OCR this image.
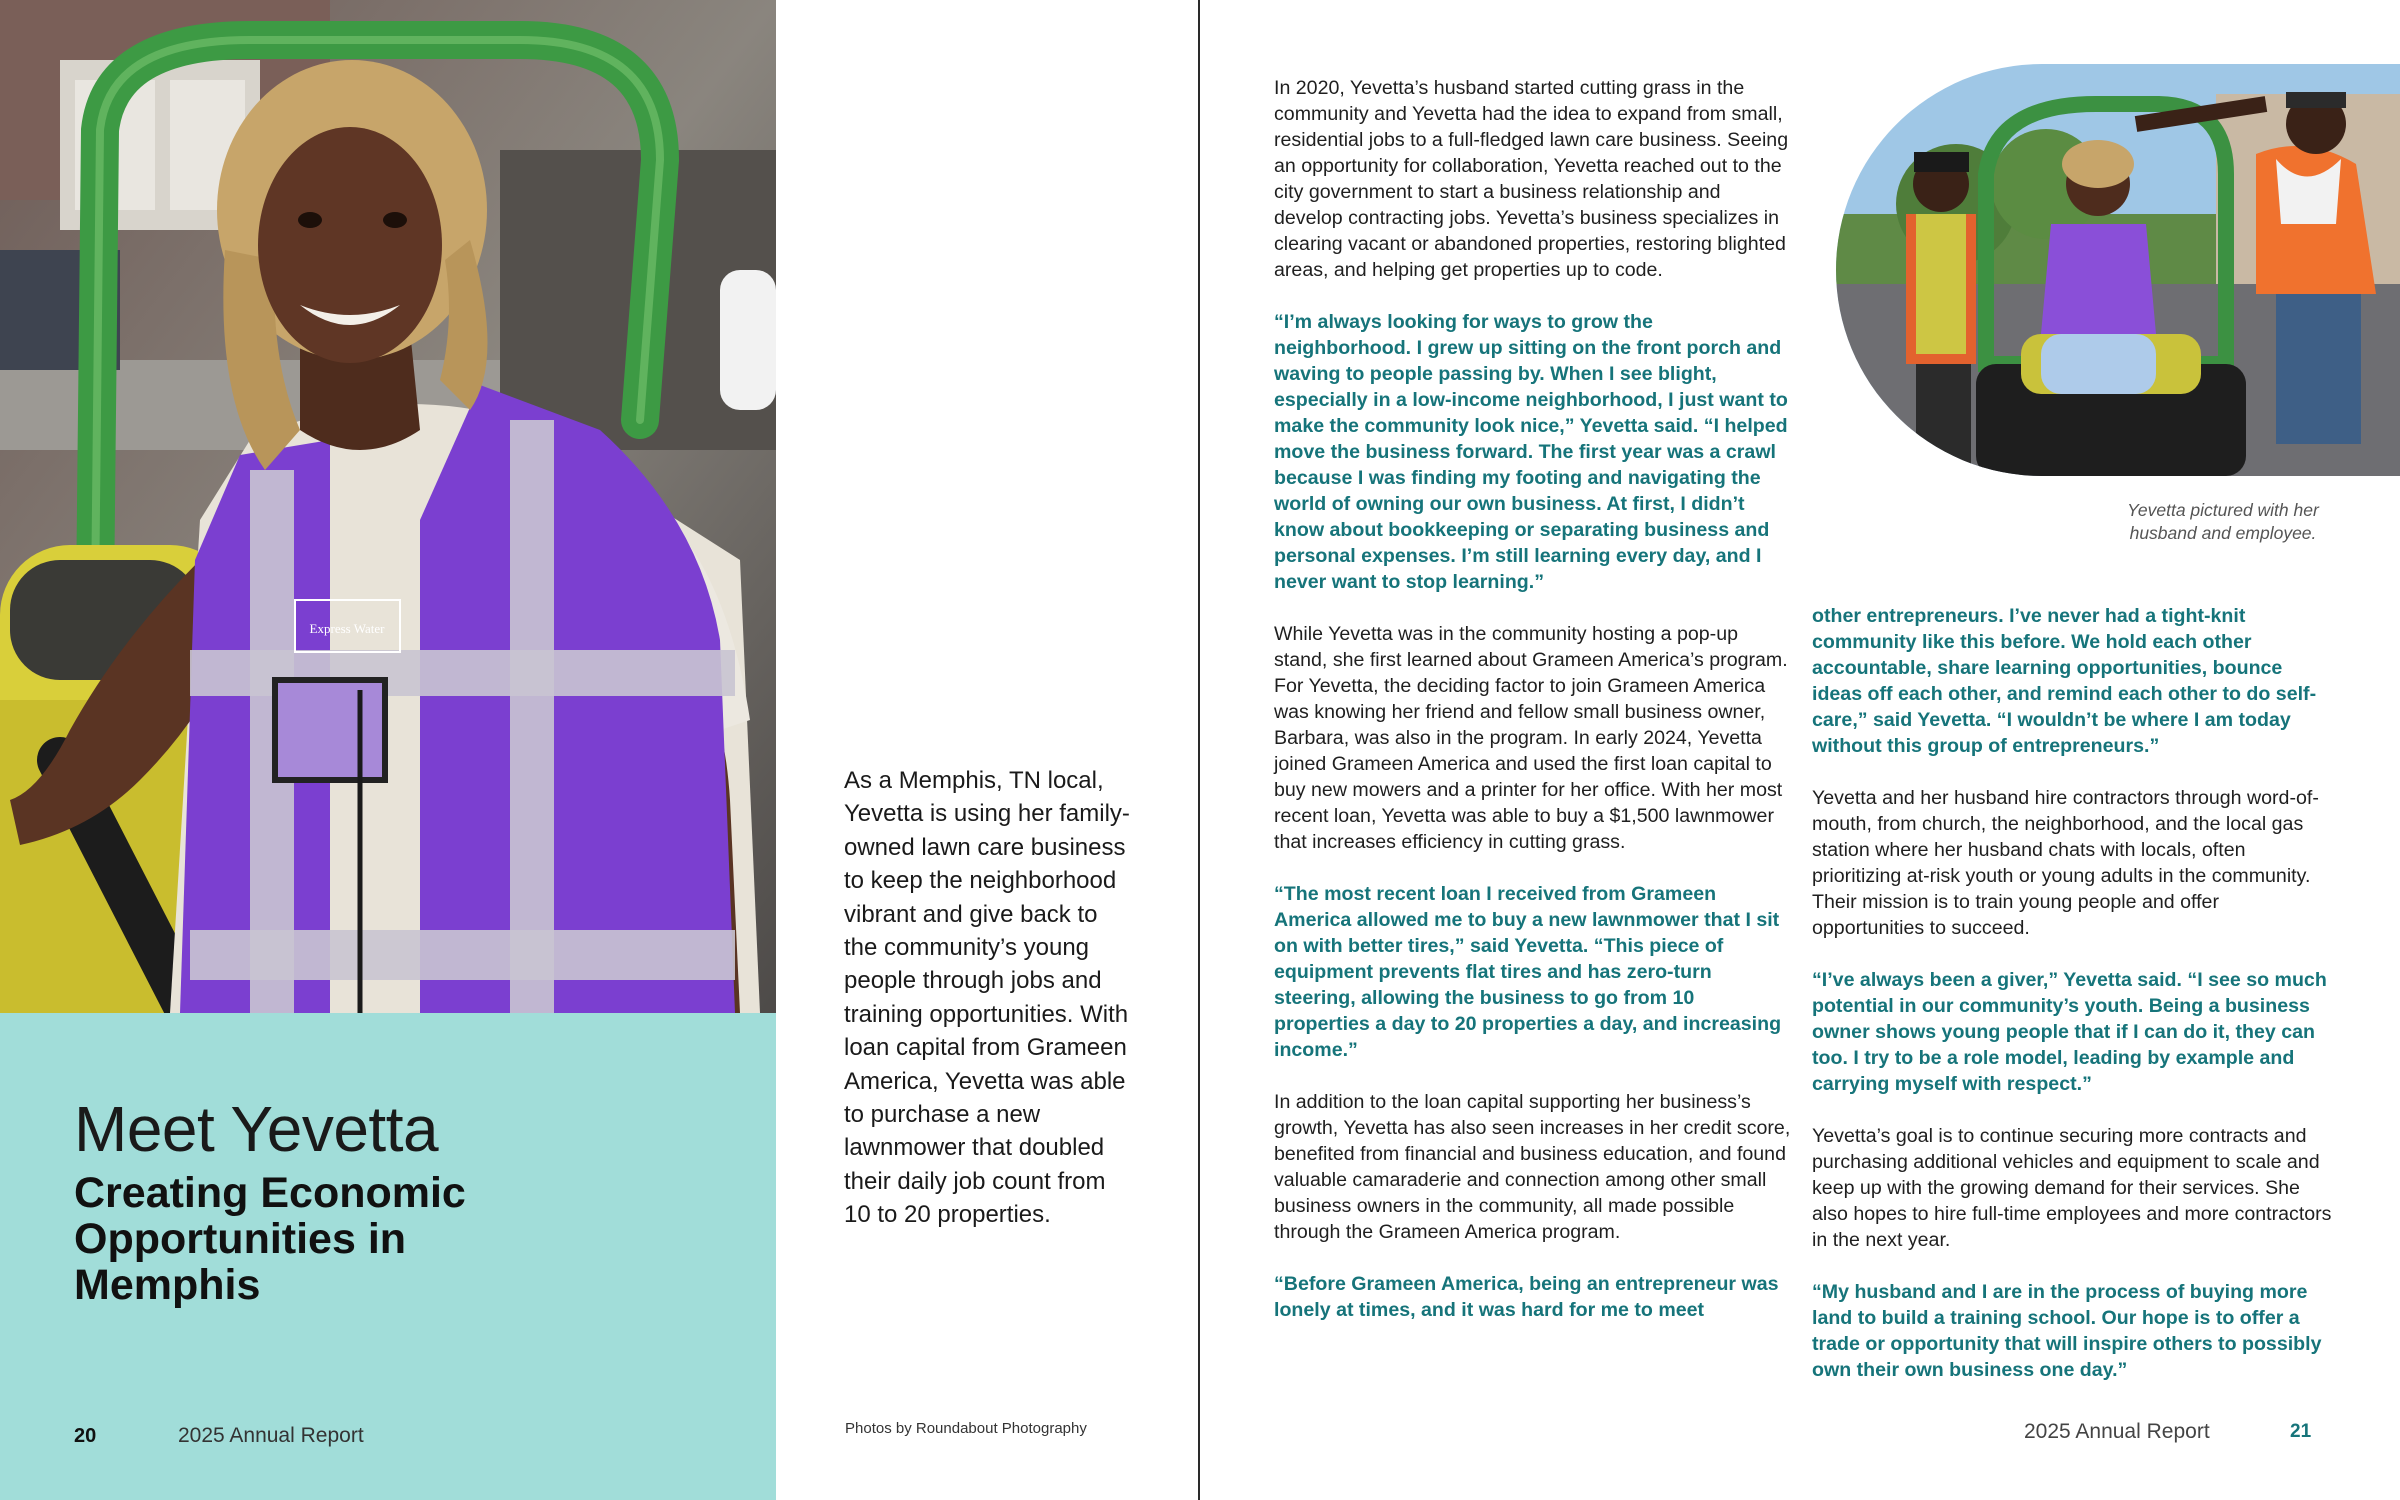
Express Water
Meet Yevetta
Creating Economic Opportunities in Memphis
20	2025 Annual Report
As a Memphis, TN local, Yevetta is using her family-owned lawn care business to keep the neighborhood vibrant and give back to the community’s young people through jobs and training opportunities. With loan capital from Grameen America, Yevetta was able to purchase a new lawnmower that doubled their daily job count from 10 to 20 properties.
Photos by Roundabout Photography

In 2020, Yevetta’s husband started cutting grass in the community and Yevetta had the idea to expand from small, residential jobs to a full-fledged lawn care business. Seeing an opportunity for collaboration, Yevetta reached out to the city government to start a business relationship and develop contracting jobs. Yevetta’s business specializes in clearing vacant or abandoned properties, restoring blighted areas, and helping get properties up to code.

“I’m always looking for ways to grow the neighborhood. I grew up sitting on the front porch and waving to people passing by. When I see blight, especially in a low-income neighborhood, I just want to make the community look nice,” Yevetta said. “I helped move the business forward. The first year was a crawl because I was finding my footing and navigating the world of owning our own business. At first, I didn’t know about bookkeeping or separating business and personal expenses. I’m still learning every day, and I never want to stop learning.”

While Yevetta was in the community hosting a pop-up stand, she first learned about Grameen America’s program. For Yevetta, the deciding factor to join Grameen America was knowing her friend and fellow small business owner, Barbara, was also in the program. In early 2024, Yevetta joined Grameen America and used the first loan capital to buy new mowers and a printer for her office. With her most recent loan, Yevetta was able to buy a $1,500 lawnmower that increases efficiency in cutting grass.

“The most recent loan I received from Grameen America allowed me to buy a new lawnmower that I sit on with better tires,” said Yevetta. “This piece of equipment prevents flat tires and has zero-turn steering, allowing the business to go from 10 properties a day to 20 properties a day, and increasing income.”

In addition to the loan capital supporting her business’s growth, Yevetta has also seen increases in her credit score, benefited from financial and business education, and found valuable camaraderie and connection among other small business owners in the community, all made possible through the Grameen America program.

“Before Grameen America, being an entrepreneur was lonely at times, and it was hard for me to meet

Yevetta pictured with her husband and employee.

other entrepreneurs. I’ve never had a tight-knit community like this before. We hold each other accountable, share learning opportunities, bounce ideas off each other, and remind each other to do self-care,” said Yevetta. “I wouldn’t be where I am today without this group of entrepreneurs.”

Yevetta and her husband hire contractors through word-of-mouth, from church, the neighborhood, and the local gas station where her husband chats with locals, often prioritizing at-risk youth or young adults in the community. Their mission is to train young people and offer opportunities to succeed.

“I’ve always been a giver,” Yevetta said. “I see so much potential in our community’s youth. Being a business owner shows young people that if I can do it, they can too. I try to be a role model, leading by example and carrying myself with respect.”

Yevetta’s goal is to continue securing more contracts and purchasing additional vehicles and equipment to scale and keep up with the growing demand for their services. She also hopes to hire full-time employees and more contractors in the next year.

“My husband and I are in the process of buying more land to build a training school. Our hope is to offer a trade or opportunity that will inspire others to possibly own their own business one day.”

2025 Annual Report	21
